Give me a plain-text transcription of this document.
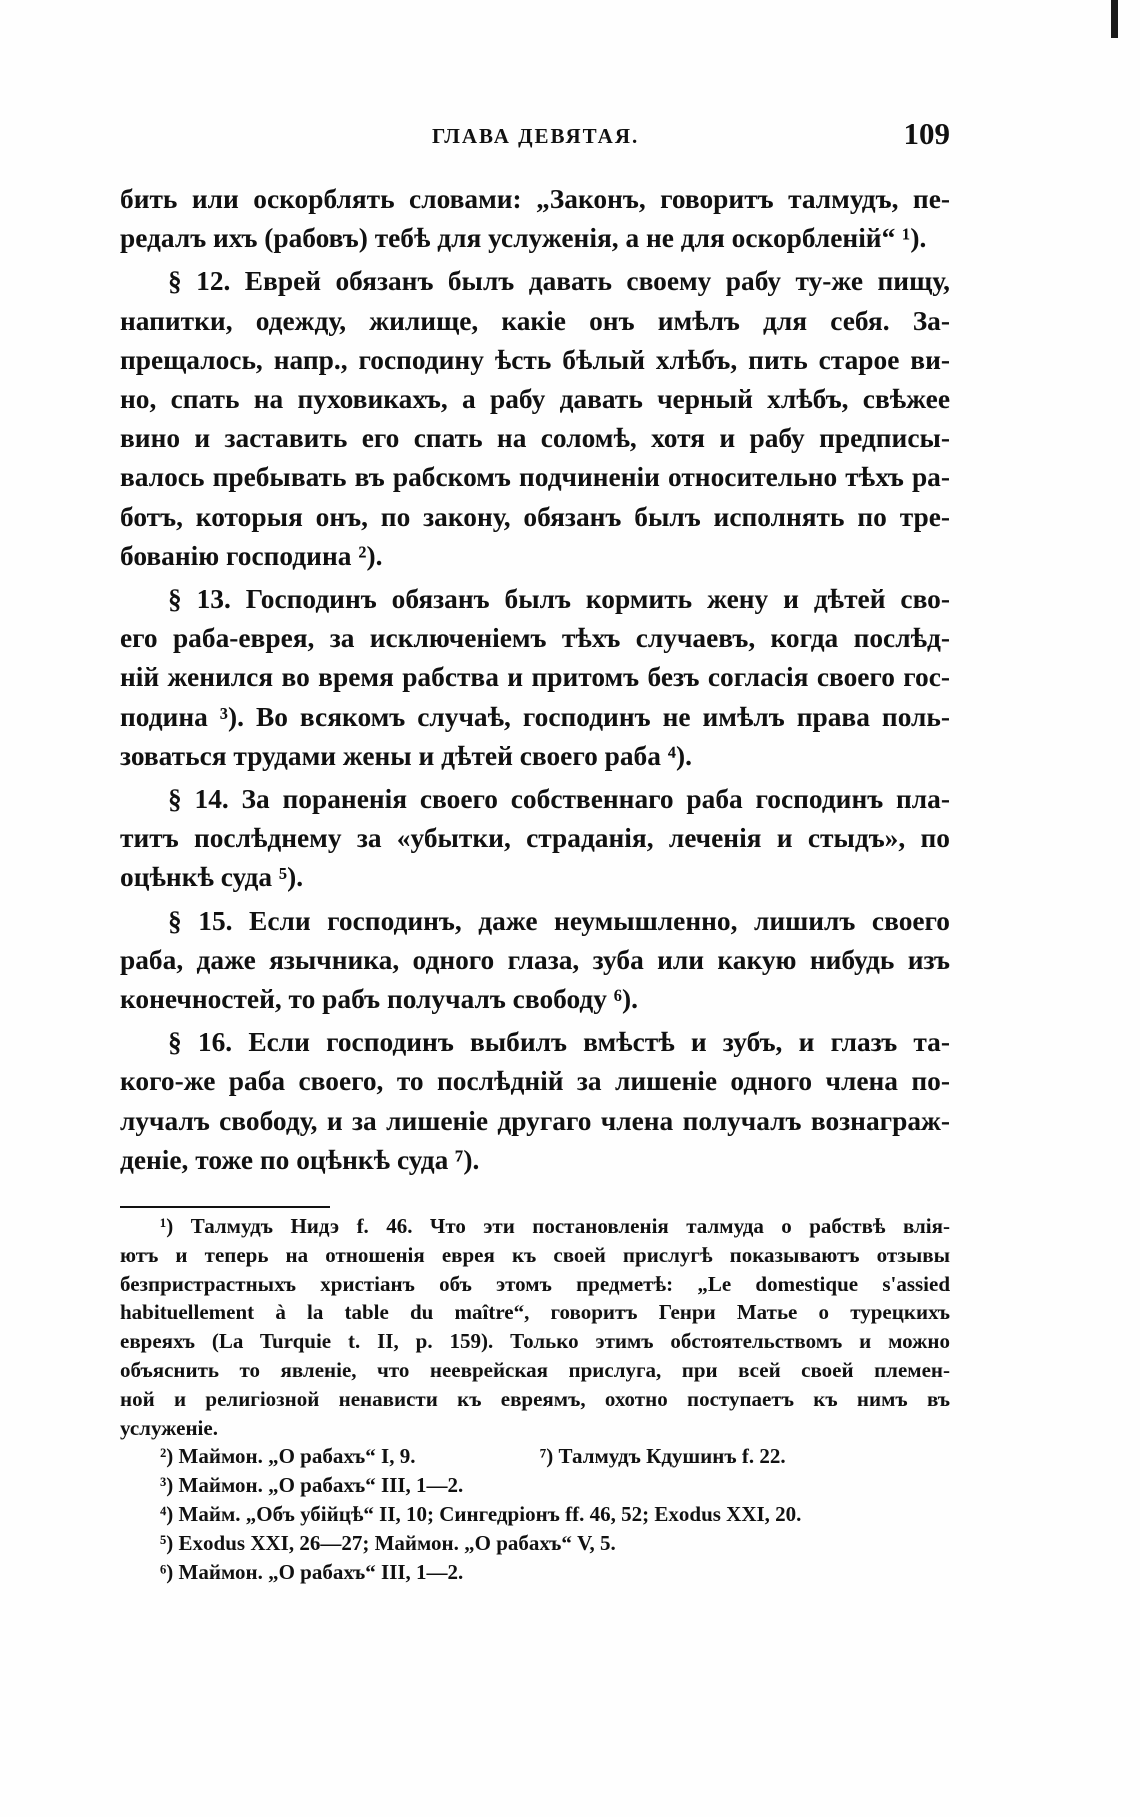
ГЛАВА ДЕВЯТАЯ.	109

бить или оскорблять словами: „Законъ, говоритъ талмудъ, пе-
редалъ ихъ (рабовъ) тебѣ для услуженія, а не для оскорбленій“ ¹).

§ 12. Еврей обязанъ былъ давать своему рабу ту-же пищу,
напитки, одежду, жилище, какіе онъ имѣлъ для себя. За-
прещалось, напр., господину ѣсть бѣлый хлѣбъ, пить старое ви-
но, спать на пуховикахъ, а рабу давать черный хлѣбъ, свѣжее
вино и заставить его спать на соломѣ, хотя и рабу предписы-
валось пребывать въ рабскомъ подчиненіи относительно тѣхъ ра-
ботъ, которыя онъ, по закону, обязанъ былъ исполнять по тре-
бованію господина ²).

§ 13. Господинъ обязанъ былъ кормить жену и дѣтей сво-
его раба-еврея, за исключеніемъ тѣхъ случаевъ, когда послѣд-
ній женился во время рабства и притомъ безъ согласія своего гос-
подина ³). Во всякомъ случаѣ, господинъ не имѣлъ права поль-
зоваться трудами жены и дѣтей своего раба ⁴).

§ 14. За пораненія своего собственнаго раба господинъ пла-
титъ послѣднему за «убытки, страданія, леченія и стыдъ», по
оцѣнкѣ суда ⁵).

§ 15. Если господинъ, даже неумышленно, лишилъ своего
раба, даже язычника, одного глаза, зуба или какую нибудь изъ
конечностей, то рабъ получалъ свободу ⁶).

§ 16. Если господинъ выбилъ вмѣстѣ и зубъ, и глазъ та-
кого-же раба своего, то послѣдній за лишеніе одного члена по-
лучалъ свободу, и за лишеніе другаго члена получалъ вознаграж-
деніе, тоже по оцѣнкѣ суда ⁷).

¹) Талмудъ Нидэ f. 46. Что эти постановленія талмуда о рабствѣ влія-
ютъ и теперь на отношенія еврея къ своей прислугѣ показываютъ отзывы
безпристрастныхъ христіанъ объ этомъ предметѣ: „Le domestique s'assied
habituellement à la table du maître“, говоритъ Генри Матье о турецкихъ
евреяхъ (La Turquie t. II, p. 159). Только этимъ обстоятельствомъ и можно
объяснить то явленіе, что нееврейская прислуга, при всей своей племен-
ной и религіозной ненависти къ евреямъ, охотно поступаетъ къ нимъ въ
услуженіе.
²) Маймон. „О рабахъ“ I, 9.	⁷) Талмудъ Кдушинъ f. 22.
³) Маймон. „О рабахъ“ III, 1—2.
⁴) Майм. „Объ убійцѣ“ II, 10; Сингедріонъ ff. 46, 52; Exodus XXI, 20.
⁵) Exodus XXI, 26—27; Маймон. „О рабахъ“ V, 5.
⁶) Маймон. „О рабахъ“ III, 1—2.
